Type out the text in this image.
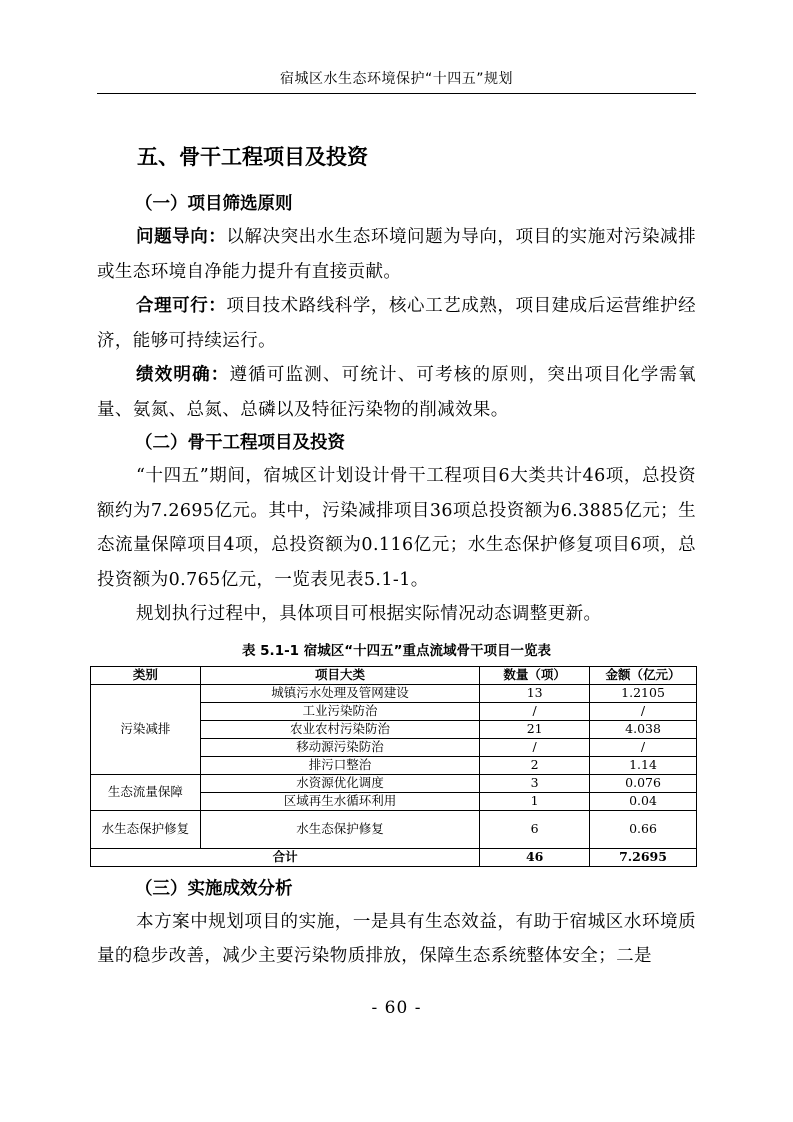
宿城区水生态环境保护“十四五”规划
五、骨干工程项目及投资
（一）项目筛选原则

问题导向：以解决突出水生态环境问题为导向，项目的实施对污染减排或生态环境自净能力提升有直接贡献。

合理可行：项目技术路线科学，核心工艺成熟，项目建成后运营维护经济，能够可持续运行。

绩效明确：遵循可监测、可统计、可考核的原则，突出项目化学需氧量、氨氮、总氮、总磷以及特征污染物的削减效果。

（二）骨干工程项目及投资

“十四五”期间，宿城区计划设计骨干工程项目6大类共计46项，总投资额约为7.2695亿元。其中，污染减排项目36项总投资额为6.3885亿元；生态流量保障项目4项，总投资额为0.116亿元；水生态保护修复项目6项，总投资额为0.765亿元，一览表见表5.1-1。

规划执行过程中，具体项目可根据实际情况动态调整更新。

表 5.1-1 宿城区“十四五”重点流域骨干项目一览表
类别	项目大类	数量（项）	金额（亿元）
污染减排	城镇污水处理及管网建设	13	1.2105
	工业污染防治	/	/
	农业农村污染防治	21	4.038
	移动源污染防治	/	/
	排污口整治	2	1.14
生态流量保障	水资源优化调度	3	0.076
	区域再生水循环利用	1	0.04
水生态保护修复	水生态保护修复	6	0.66
合计		46	7.2695
（三）实施成效分析

本方案中规划项目的实施，一是具有生态效益，有助于宿城区水环境质量的稳步改善，减少主要污染物质排放，保障生态系统整体安全；二是

- 60 -
